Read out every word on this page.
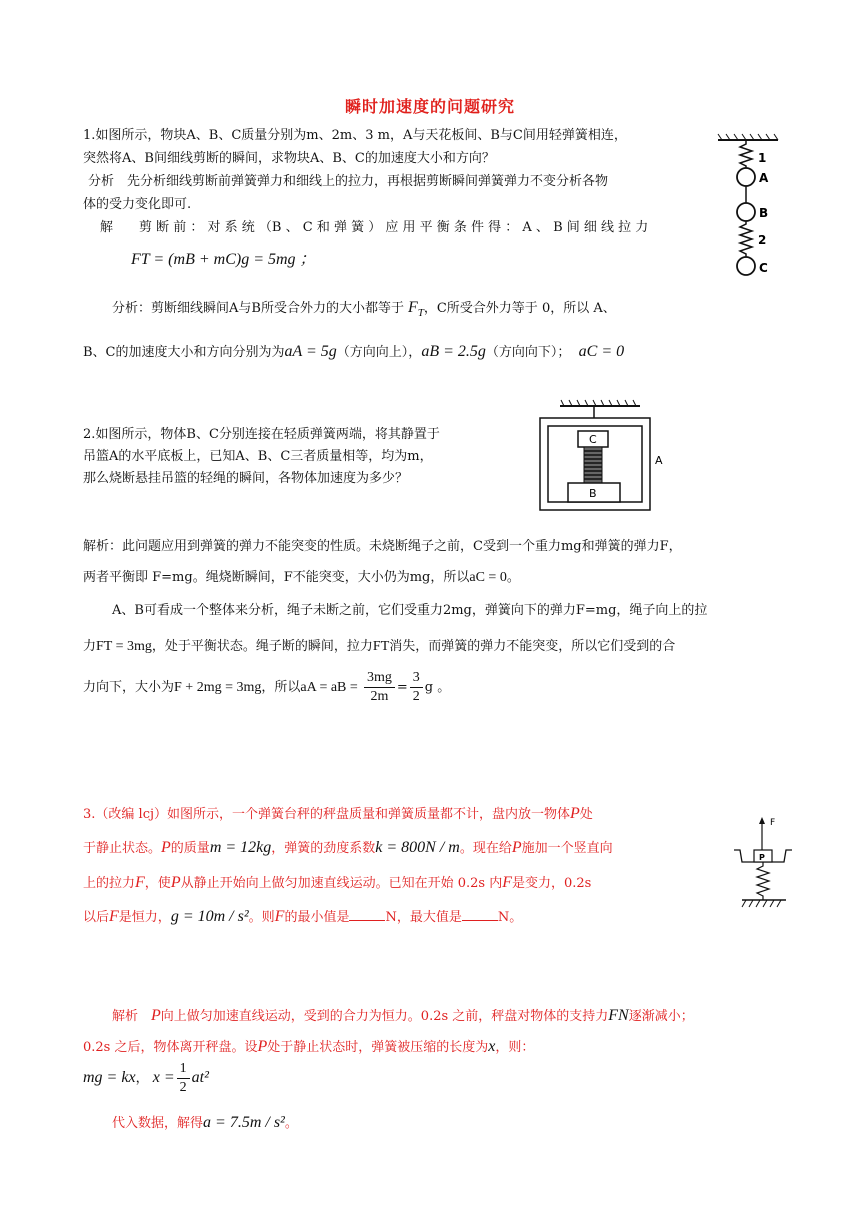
瞬时加速度的问题研究
1.如图所示，物块A、B、C质量分别为m、2m、3 m，A与天花板间、B与C间用轻弹簧相连，
突然将A、B间细线剪断的瞬间，求物块A、B、C的加速度大小和方向？
分析　先分析细线剪断前弹簧弹力和细线上的拉力，再根据剪断瞬间弹簧弹力不变分析各物
体的受力变化即可.
解　　剪 断 前 ： 对 系 统 （B 、 C 和 弹 簧 ） 应 用 平 衡 条 件 得 ： A 、 B 间 细 线 拉 力
FT = (mB + mC)g = 5mg ；
分析：剪断细线瞬间A与B所受合外力的大小都等于 $F_T$，C所受合外力等于 0，所以 A、
B、C的加速度大小和方向分别为为aA = 5g（方向向上），aB = 2.5g（方向向下）； aC = 0
1
A
B
2
C
2.如图所示，物体B、C分别连接在轻质弹簧两端，将其静置于
吊篮A的水平底板上，已知A、B、C三者质量相等，均为m，
那么烧断悬挂吊篮的轻绳的瞬间，各物体加速度为多少？
C
B
A
解析：此问题应用到弹簧的弹力不能突变的性质。未烧断绳子之前，C受到一个重力mg和弹簧的弹力F，
两者平衡即 F=mg。绳烧断瞬间，F不能突变，大小仍为mg，所以aC = 0。
A、B可看成一个整体来分析，绳子未断之前，它们受重力2mg，弹簧向下的弹力F=mg，绳子向上的拉
力FT = 3mg，处于平衡状态。绳子断的瞬间，拉力FT消失，而弹簧的弹力不能突变，所以它们受到的合
力向下，大小为F + 2mg = 3mg，所以aA = aB = $\frac{3mg}{2m} = \frac{3}{2}$ g 。
3.（改编 lcj）如图所示，一个弹簧台秤的秤盘质量和弹簧质量都不计，盘内放一物体P处
于静止状态。P的质量m = 12kg，弹簧的劲度系数k = 800N / m。现在给P施加一个竖直向
上的拉力F，使P从静止开始向上做匀加速直线运动。已知在开始 0.2s 内F是变力，0.2s
以后F是恒力，g = 10m / s²。则F的最小值是	N，最大值是	N。
F
P
解析　P向上做匀加速直线运动，受到的合力为恒力。0.2s 之前，秤盘对物体的支持力FN逐渐减小；
0.2s 之后，物体离开秤盘。设P处于静止状态时，弹簧被压缩的长度为x，则：
mg = kx， $x = \frac{1}{2} at^2$
代入数据，解得a = 7.5m / s²。
